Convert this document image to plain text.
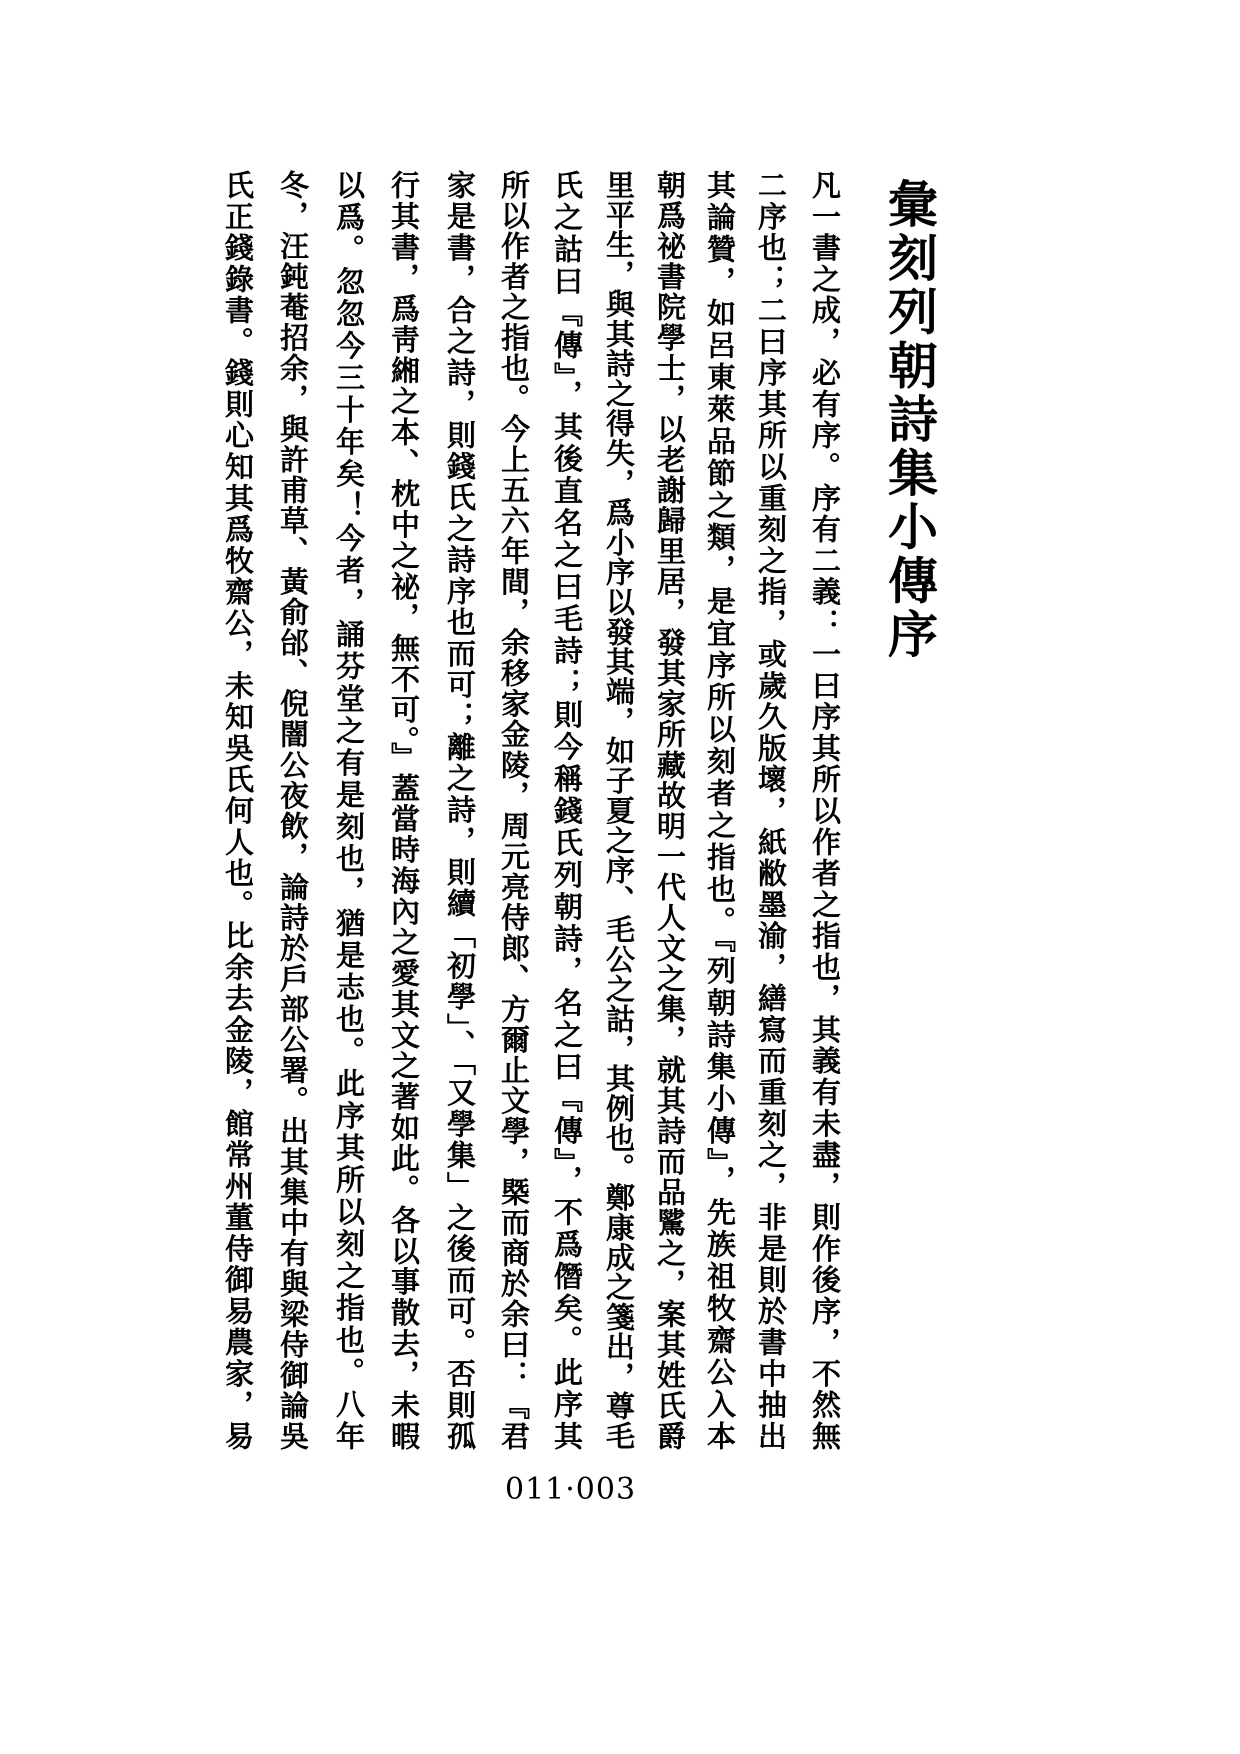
彙刻列朝詩集小傳序
凡一書之成，必有序。序有二義：一曰序其所以作者之指也，其義有未盡，則作後序，不然無
二序也；二曰序其所以重刻之指，或歲久版壞，紙敝墨渝，繕寫而重刻之，非是則於書中抽出
其論贊，如呂東萊品節之類，是宜序所以刻者之指也。『列朝詩集小傳』，先族祖牧齋公入本
朝爲祕書院學士，以老謝歸里居，發其家所藏故明一代人文之集，就其詩而品騭之，案其姓氏爵
里平生，與其詩之得失，爲小序以發其端，如子夏之序、毛公之詁，其例也。鄭康成之箋出，尊毛
氏之詁曰『傳』，其後直名之曰毛詩；則今稱錢氏列朝詩，名之曰『傳』，不爲僭矣。此序其
所以作者之指也。今上五六年間，余移家金陵，周元亮侍郎、方爾止文學，槩而商於余曰：『君
家是書，合之詩，則錢氏之詩序也而可；離之詩，則續「初學」、「又學集」之後而可。否則孤
行其書，爲靑緗之本、枕中之祕，無不可。』蓋當時海內之愛其文之著如此。各以事散去，未暇
以爲。忽忽今三十年矣！今者，誦芬堂之有是刻也，猶是志也。此序其所以刻之指也。八年
冬，汪鈍菴招余，與許甫草、黃俞邰、倪闇公夜飲，論詩於戶部公署。出其集中有與梁侍御論吳
氏正錢錄書。錢則心知其爲牧齋公，未知吳氏何人也。比余去金陵，館常州董侍御易農家，易
011·003
